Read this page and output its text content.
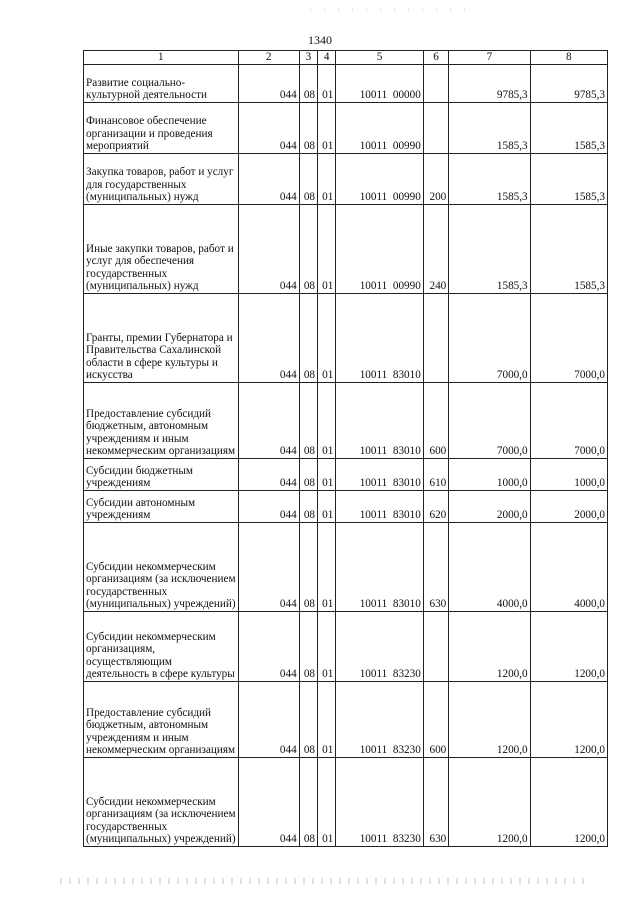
1340
1	2	3	4	5	6	7	8
Развитие социально-культурной деятельности	044	08	01	10011  00000		9785,3	9785,3
Финансовое обеспечение организации и проведения мероприятий	044	08	01	10011  00990		1585,3	1585,3
Закупка товаров, работ и услуг для государственных (муниципальных) нужд	044	08	01	10011  00990	200	1585,3	1585,3
Иные закупки товаров, работ и услуг для обеспечения государственных (муниципальных) нужд	044	08	01	10011  00990	240	1585,3	1585,3
Гранты, премии Губернатора и Правительства Сахалинской области в сфере культуры и искусства	044	08	01	10011  83010		7000,0	7000,0
Предоставление субсидий бюджетным, автономным учреждениям и иным некоммерческим организациям	044	08	01	10011  83010	600	7000,0	7000,0
Субсидии бюджетным учреждениям	044	08	01	10011  83010	610	1000,0	1000,0
Субсидии автономным учреждениям	044	08	01	10011  83010	620	2000,0	2000,0
Субсидии некоммерческим организациям (за исключением государственных (муниципальных) учреждений)	044	08	01	10011  83010	630	4000,0	4000,0
Субсидии некоммерческим организациям, осуществляющим деятельность в сфере культуры	044	08	01	10011  83230		1200,0	1200,0
Предоставление субсидий бюджетным, автономным учреждениям и иным некоммерческим организациям	044	08	01	10011  83230	600	1200,0	1200,0
Субсидии некоммерческим организациям (за исключением государственных (муниципальных) учреждений)	044	08	01	10011  83230	630	1200,0	1200,0
